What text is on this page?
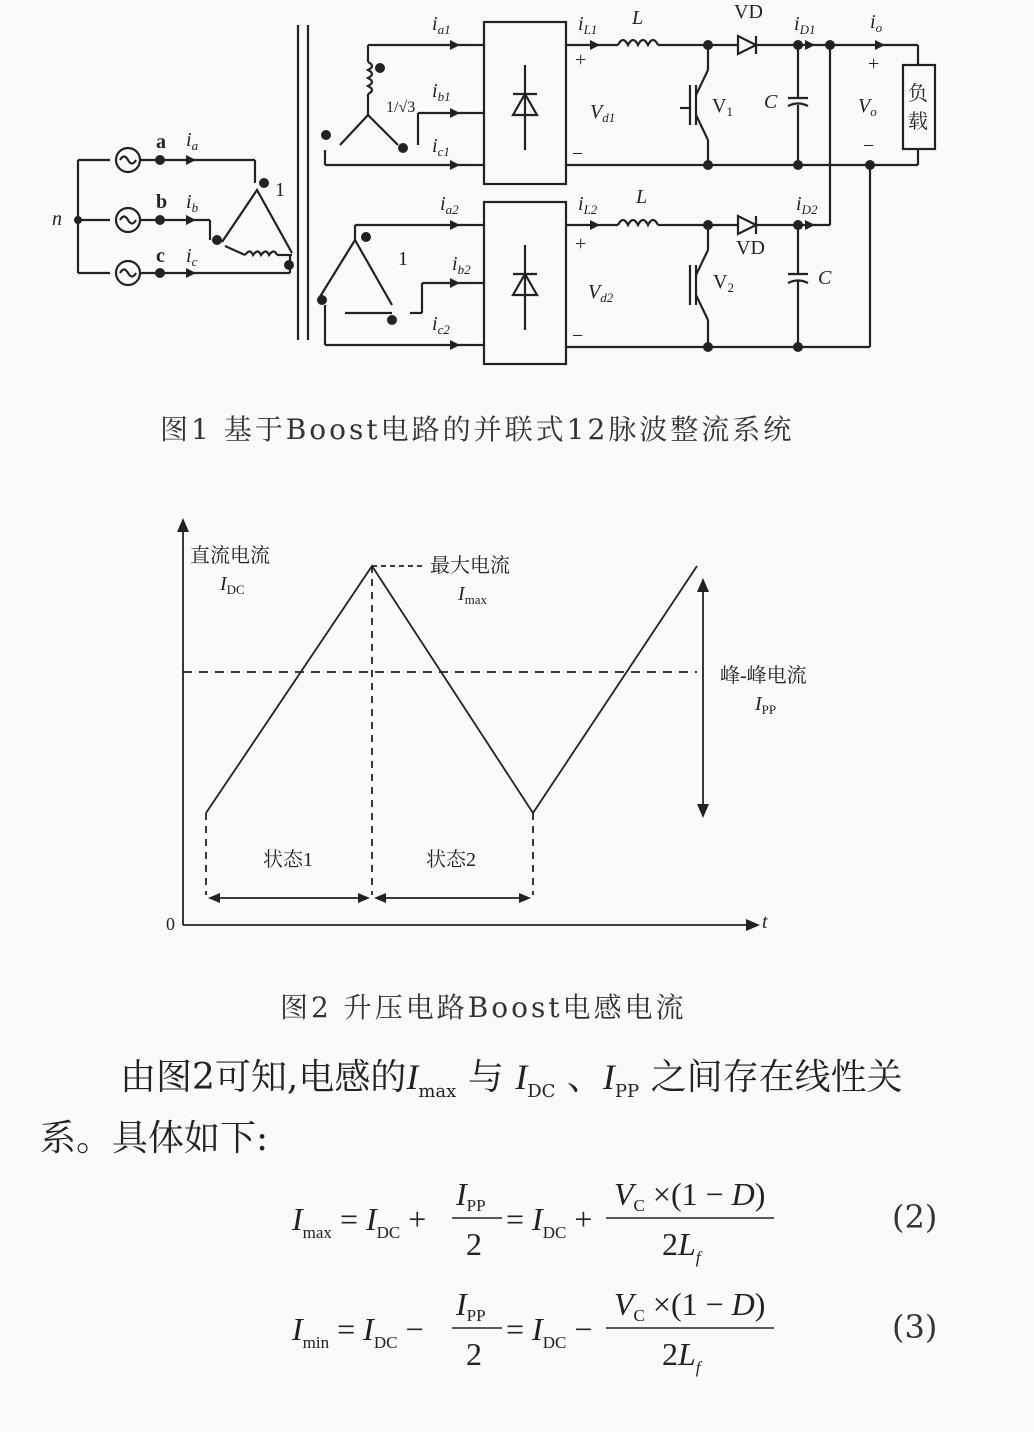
n
a
b
c
$i_a$
$i_b$
$i_c$
1
1/√3
1
$i_{a1}$
$i_{b1}$
$i_{c1}$
$i_{a2}$
$i_{b2}$
$i_{c2}$
$i_{L1}$
$i_{L2}$
L
L
VD
VD
$i_{D1}$
$i_{D2}$
$i_o$
+
−
+
−
+
−
$V_{d1}$
$V_{d2}$
$V_1$
$V_2$
C
C
$V_o$
负
载
图1 基于Boost电路的并联式12脉波整流系统
直流电流
$I_{DC}$
最大电流
$I_{max}$
峰-峰电流
$I_{PP}$
状态1	状态2
0	t
图2 升压电路Boost电感电流
由图2可知,电感的$I_{max}$ 与 $I_{DC}$ 、$I_{PP}$ 之间存在线性关
系。具体如下:
$I_{max} = I_{DC}$ +
IPP
2
= $I_{DC}$ +
VC ×(1 − D)
$2L_f$
$I_{min} = I_{DC}$ −
IPP
2
= $I_{DC}$ −
VC ×(1 − D)
$2L_f$
(2)
(3)
